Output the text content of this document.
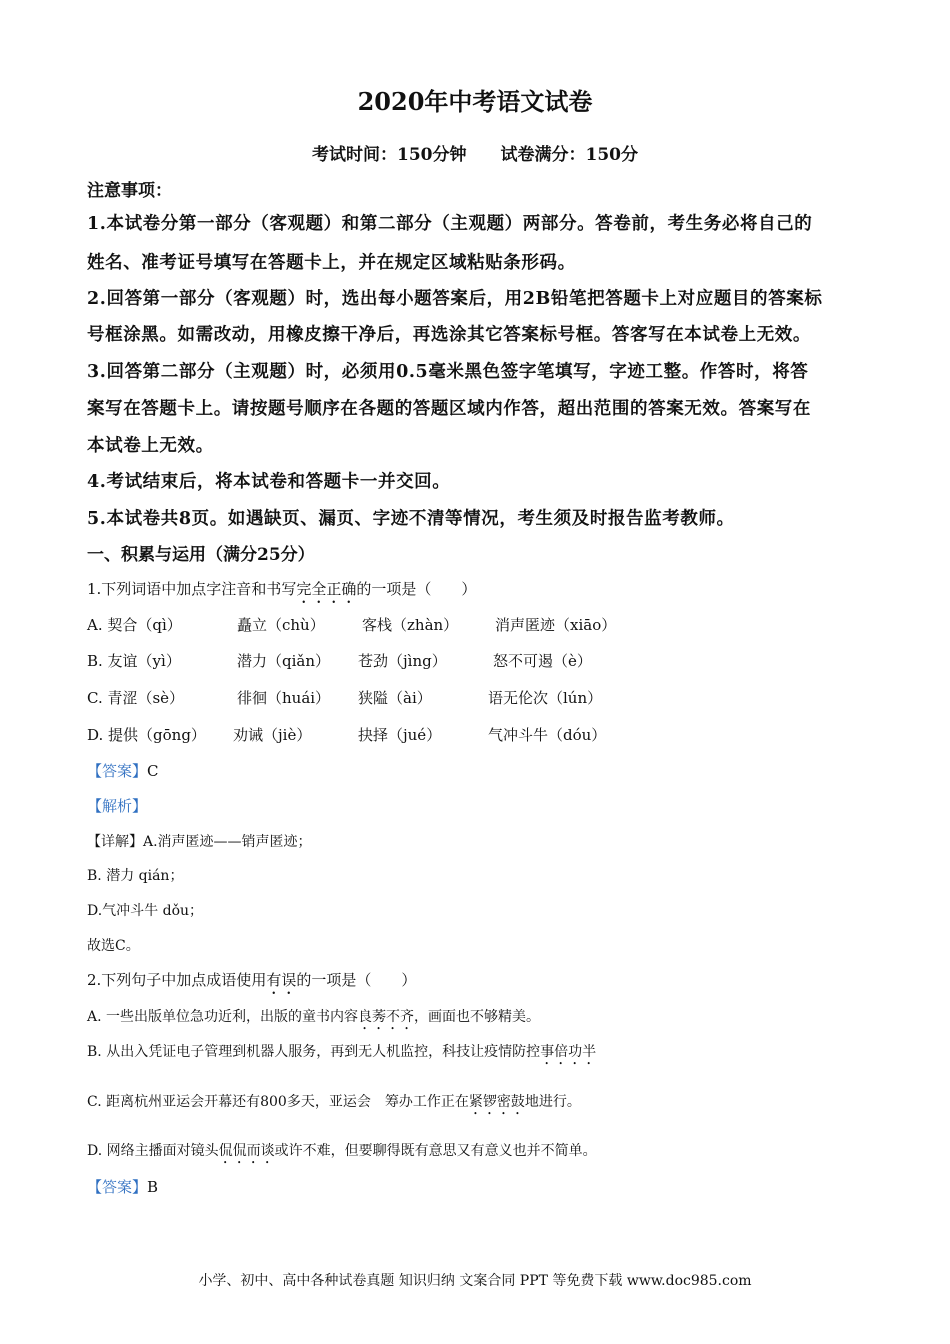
2020年中考语文试卷
考试时间：150分钟 试卷满分：150分
注意事项：
1.本试卷分第一部分（客观题）和第二部分（主观题）两部分。答卷前，考生务必将自己的
姓名、准考证号填写在答题卡上，并在规定区域粘贴条形码。
2.回答第一部分（客观题）时，选出每小题答案后，用2B铅笔把答题卡上对应题目的答案标
号框涂黑。如需改动，用橡皮擦干净后，再选涂其它答案标号框。答客写在本试卷上无效。
3.回答第二部分（主观题）时，必须用0.5毫米黑色签字笔填写，字迹工整。作答时，将答
案写在答题卡上。请按题号顺序在各题的答题区域内作答，超出范围的答案无效。答案写在
本试卷上无效。
4.考试结束后，将本试卷和答题卡一并交回。
5.本试卷共8页。如遇缺页、漏页、字迹不清等情况，考生须及时报告监考教师。
一、积累与运用（满分25分）
1.下列词语中加点字注音和书写完全正确的一项是（　　）
A. 契合（qì）	矗立（chù） 客栈（zhàn） 消声匿迹（xiāo）
B. 友谊（yì）	潜力（qiǎn） 苍劲（jìng）	怒不可遏（è）
C. 青涩（sè）	徘徊（huái） 狭隘（ài）	语无伦次（lún）
D. 提供（gōng） 劝诫（jiè）	抉择（jué）	气冲斗牛（dóu）
【答案】C
【解析】
【详解】A.消声匿迹——销声匿迹；
B. 潜力 qián；
D.气冲斗牛 dǒu；
故选C。
2.下列句子中加点成语使用有误的一项是（　　）
A. 一些出版单位急功近利，出版的童书内容良莠不齐，画面也不够精美。
B. 从出入凭证电子管理到机器人服务，再到无人机监控，科技让疫情防控事倍功半
C. 距离杭州亚运会开幕还有800多天，亚运会　筹办工作正在紧锣密鼓地进行。
D. 网络主播面对镜头侃侃而谈或许不难，但要聊得既有意思又有意义也并不简单。
【答案】B
小学、初中、高中各种试卷真题 知识归纳 文案合同 PPT 等免费下载 www.doc985.com
